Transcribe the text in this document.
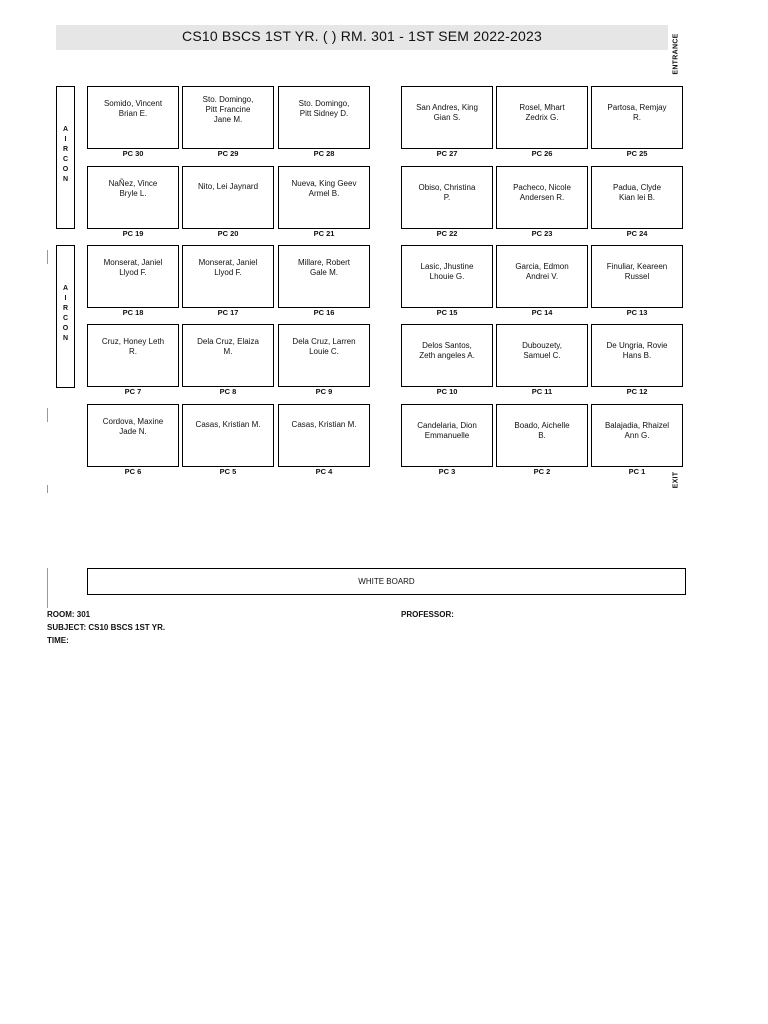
CS10 BSCS 1ST YR. ( ) RM. 301 - 1ST SEM 2022-2023	ENTRANCE
EXIT
A
I
R
C
O
N
A
I
R
C
O
N
Somido, Vincent
Brian E.
PC 30
Sto. Domingo,
Pitt Francine
Jane M.
PC 29
Sto. Domingo,
Pitt Sidney D.
PC 28
San Andres, King
Gian S.
PC 27
Rosel, Mhart
Zedrix G.
PC 26
Partosa, Remjay
R.
PC 25
NaÑez, Vince
Bryle L.
PC 19
Nito, Lei Jaynard
PC 20
Nueva, King Geev
Armel B.
PC 21
Obiso, Christina
P.
PC 22
Pacheco, Nicole
Andersen R.
PC 23
Padua, Clyde
Kian lei B.
PC 24
Monserat, Janiel
Llyod F.
PC 18
Monserat, Janiel
Llyod F.
PC 17
Millare, Robert
Gale M.
PC 16
Lasic, Jhustine
Lhouie G.
PC 15
Garcia, Edmon
Andrei V.
PC 14
Finuliar, Keareen
Russel
PC 13
Cruz, Honey Leth
R.
PC 7
Dela Cruz, Elaiza
M.
PC 8
Dela Cruz, Larren
Louie C.
PC 9
Delos Santos,
Zeth angeles A.
PC 10
Dubouzety,
Samuel C.
PC 11
De Ungria, Rovie
Hans B.
PC 12
Cordova, Maxine
Jade N.
PC 6
Casas, Kristian M.
PC 5
Casas, Kristian M.
PC 4
Candelaria, Dion
Emmanuelle
PC 3
Boado, Aichelle
B.
PC 2
Balajadia, Rhaizel
Ann G.
PC 1
WHITE BOARD
ROOM: 301
SUBJECT: CS10 BSCS 1ST YR.
TIME:
PROFESSOR:
